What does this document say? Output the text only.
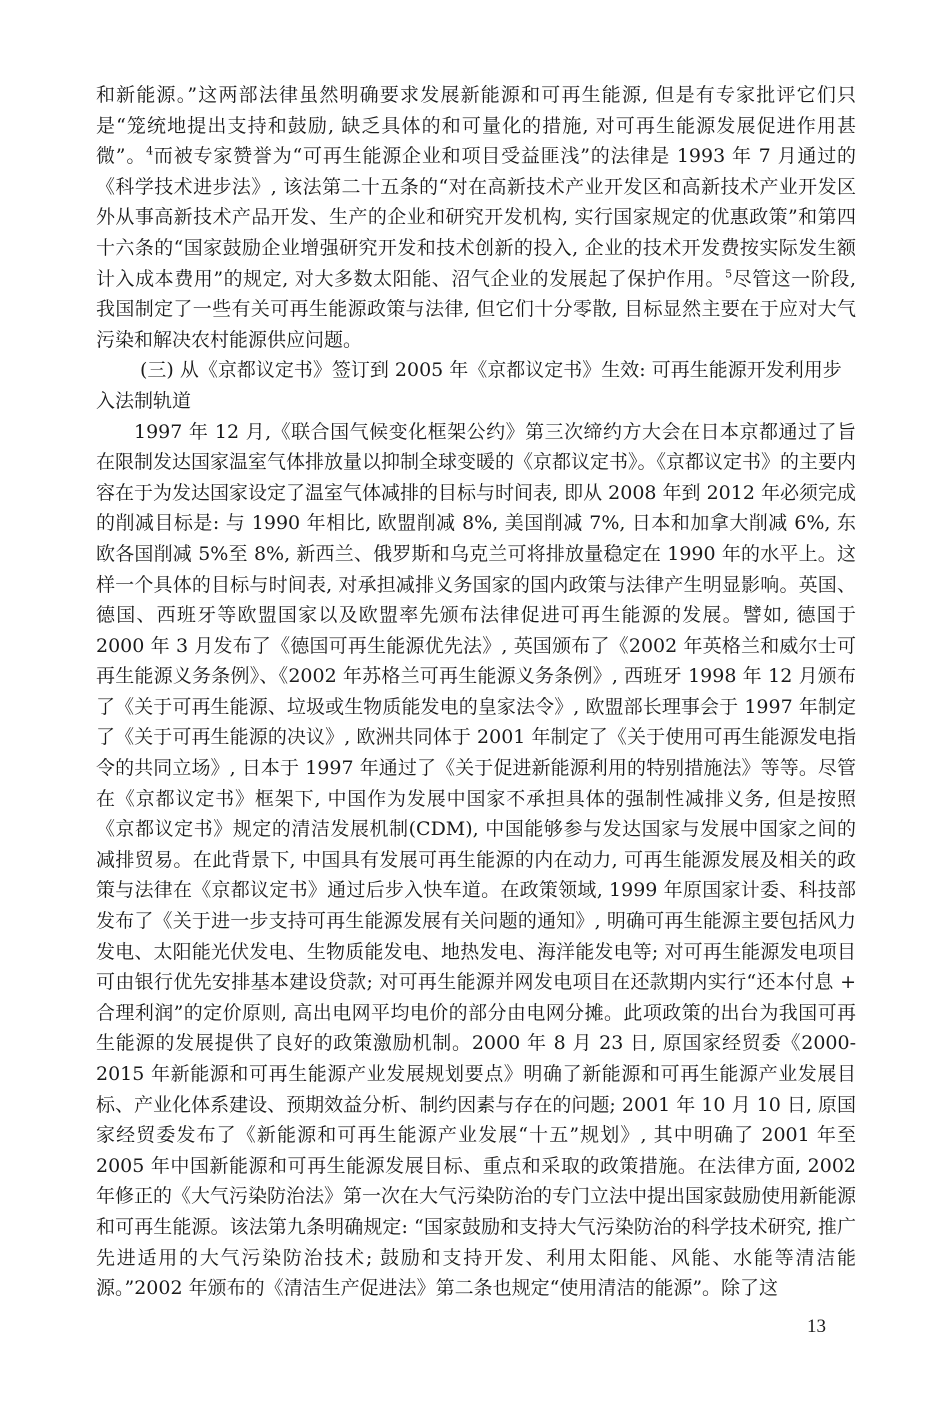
和新能源。”这两部法律虽然明确要求发展新能源和可再生能源, 但是有专家批评它们只是“笼统地提出支持和鼓励, 缺乏具体的和可量化的措施, 对可再生能源发展促进作用甚微”。$^4$而被专家赞誉为“可再生能源企业和项目受益匪浅”的法律是 1993 年 7 月通过的《科学技术进步法》, 该法第二十五条的“对在高新技术产业开发区和高新技术产业开发区外从事高新技术产品开发、生产的企业和研究开发机构, 实行国家规定的优惠政策”和第四十六条的“国家鼓励企业增强研究开发和技术创新的投入, 企业的技术开发费按实际发生额计入成本费用”的规定, 对大多数太阳能、沼气企业的发展起了保护作用。$^5$尽管这一阶段, 我国制定了一些有关可再生能源政策与法律, 但它们十分零散, 目标显然主要在于应对大气污染和解决农村能源供应问题。

(三) 从《京都议定书》签订到 2005 年《京都议定书》生效: 可再生能源开发利用步入法制轨道

1997 年 12 月,《联合国气候变化框架公约》第三次缔约方大会在日本京都通过了旨在限制发达国家温室气体排放量以抑制全球变暖的《京都议定书》。《京都议定书》的主要内容在于为发达国家设定了温室气体减排的目标与时间表, 即从 2008 年到 2012 年必须完成的削减目标是: 与 1990 年相比, 欧盟削减 8%, 美国削减 7%, 日本和加拿大削减 6%, 东欧各国削减 5%至 8%, 新西兰、俄罗斯和乌克兰可将排放量稳定在 1990 年的水平上。这样一个具体的目标与时间表, 对承担减排义务国家的国内政策与法律产生明显影响。英国、德国、西班牙等欧盟国家以及欧盟率先颁布法律促进可再生能源的发展。譬如, 德国于 2000 年 3 月发布了《德国可再生能源优先法》, 英国颁布了《2002 年英格兰和威尔士可再生能源义务条例》、《2002 年苏格兰可再生能源义务条例》, 西班牙 1998 年 12 月颁布了《关于可再生能源、垃圾或生物质能发电的皇家法令》, 欧盟部长理事会于 1997 年制定了《关于可再生能源的决议》, 欧洲共同体于 2001 年制定了《关于使用可再生能源发电指令的共同立场》, 日本于 1997 年通过了《关于促进新能源利用的特别措施法》等等。尽管在《京都议定书》框架下, 中国作为发展中国家不承担具体的强制性减排义务, 但是按照《京都议定书》规定的清洁发展机制(CDM), 中国能够参与发达国家与发展中国家之间的减排贸易。在此背景下, 中国具有发展可再生能源的内在动力, 可再生能源发展及相关的政策与法律在《京都议定书》通过后步入快车道。在政策领域, 1999 年原国家计委、科技部发布了《关于进一步支持可再生能源发展有关问题的通知》, 明确可再生能源主要包括风力发电、太阳能光伏发电、生物质能发电、地热发电、海洋能发电等; 对可再生能源发电项目可由银行优先安排基本建设贷款; 对可再生能源并网发电项目在还款期内实行“还本付息 + 合理利润”的定价原则, 高出电网平均电价的部分由电网分摊。此项政策的出台为我国可再生能源的发展提供了良好的政策激励机制。2000 年 8 月 23 日, 原国家经贸委《2000- 2015 年新能源和可再生能源产业发展规划要点》明确了新能源和可再生能源产业发展目标、产业化体系建设、预期效益分析、制约因素与存在的问题; 2001 年 10 月 10 日, 原国家经贸委发布了《新能源和可再生能源产业发展“十五”规划》, 其中明确了 2001 年至 2005 年中国新能源和可再生能源发展目标、重点和采取的政策措施。在法律方面, 2002 年修正的《大气污染防治法》第一次在大气污染防治的专门立法中提出国家鼓励使用新能源和可再生能源。该法第九条明确规定: “国家鼓励和支持大气污染防治的科学技术研究, 推广先进适用的大气污染防治技术; 鼓励和支持开发、利用太阳能、风能、水能等清洁能源。”2002 年颁布的《清洁生产促进法》第二条也规定“使用清洁的能源”。除了这

13
